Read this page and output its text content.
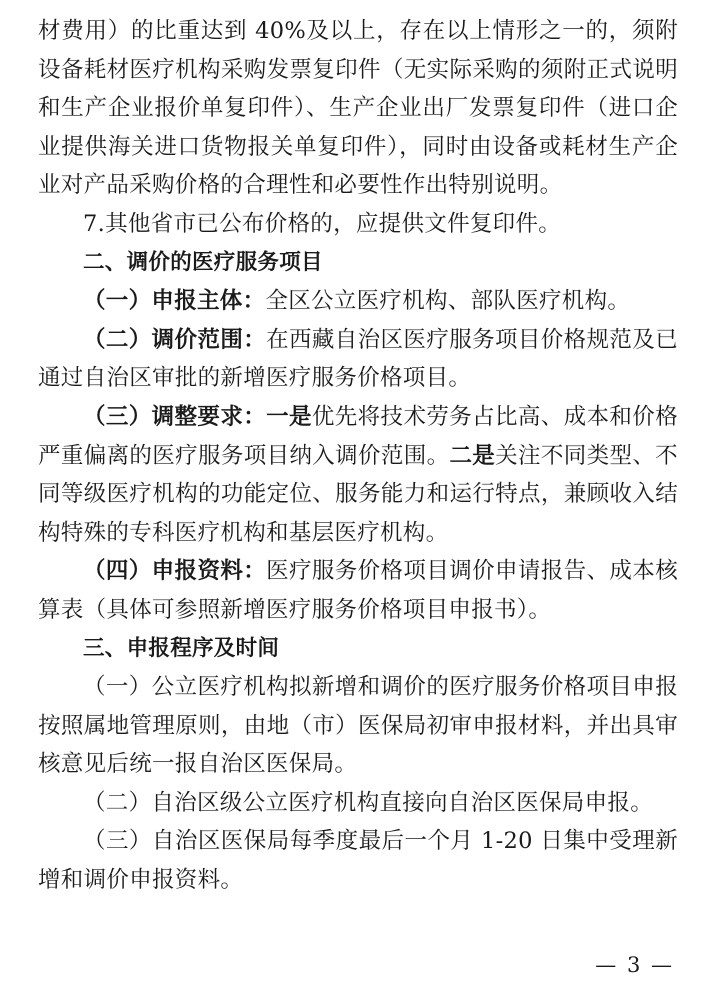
材费用）的比重达到 40%及以上，存在以上情形之一的，须附设备耗材医疗机构采购发票复印件（无实际采购的须附正式说明和生产企业报价单复印件）、生产企业出厂发票复印件（进口企业提供海关进口货物报关单复印件），同时由设备或耗材生产企业对产品采购价格的合理性和必要性作出特别说明。

7.其他省市已公布价格的，应提供文件复印件。

二、调价的医疗服务项目

（一）申报主体：全区公立医疗机构、部队医疗机构。

（二）调价范围：在西藏自治区医疗服务项目价格规范及已通过自治区审批的新增医疗服务价格项目。

（三）调整要求：一是优先将技术劳务占比高、成本和价格严重偏离的医疗服务项目纳入调价范围。二是关注不同类型、不同等级医疗机构的功能定位、服务能力和运行特点，兼顾收入结构特殊的专科医疗机构和基层医疗机构。

（四）申报资料：医疗服务价格项目调价申请报告、成本核算表（具体可参照新增医疗服务价格项目申报书）。

三、申报程序及时间

（一）公立医疗机构拟新增和调价的医疗服务价格项目申报按照属地管理原则，由地（市）医保局初审申报材料，并出具审核意见后统一报自治区医保局。

（二）自治区级公立医疗机构直接向自治区医保局申报。

（三）自治区医保局每季度最后一个月 1-20 日集中受理新增和调价申报资料。

— 3 —
